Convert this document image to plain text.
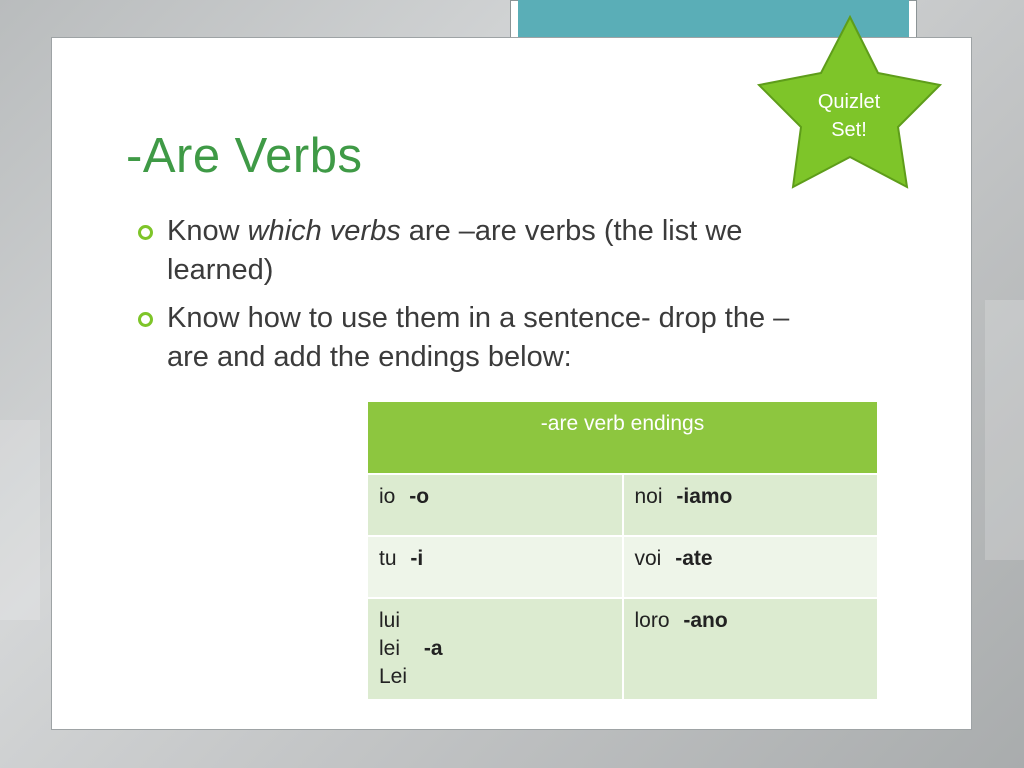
Quizlet
Set!
-Are Verbs
Know which verbs are –are verbs (the list we learned)
Know how to use them in a sentence- drop the –are and add the endings below:
-are verb endings	
io -o	noi -iamo
tu -i	voi -ate

lui
lei -a
Lei	loro -ano
